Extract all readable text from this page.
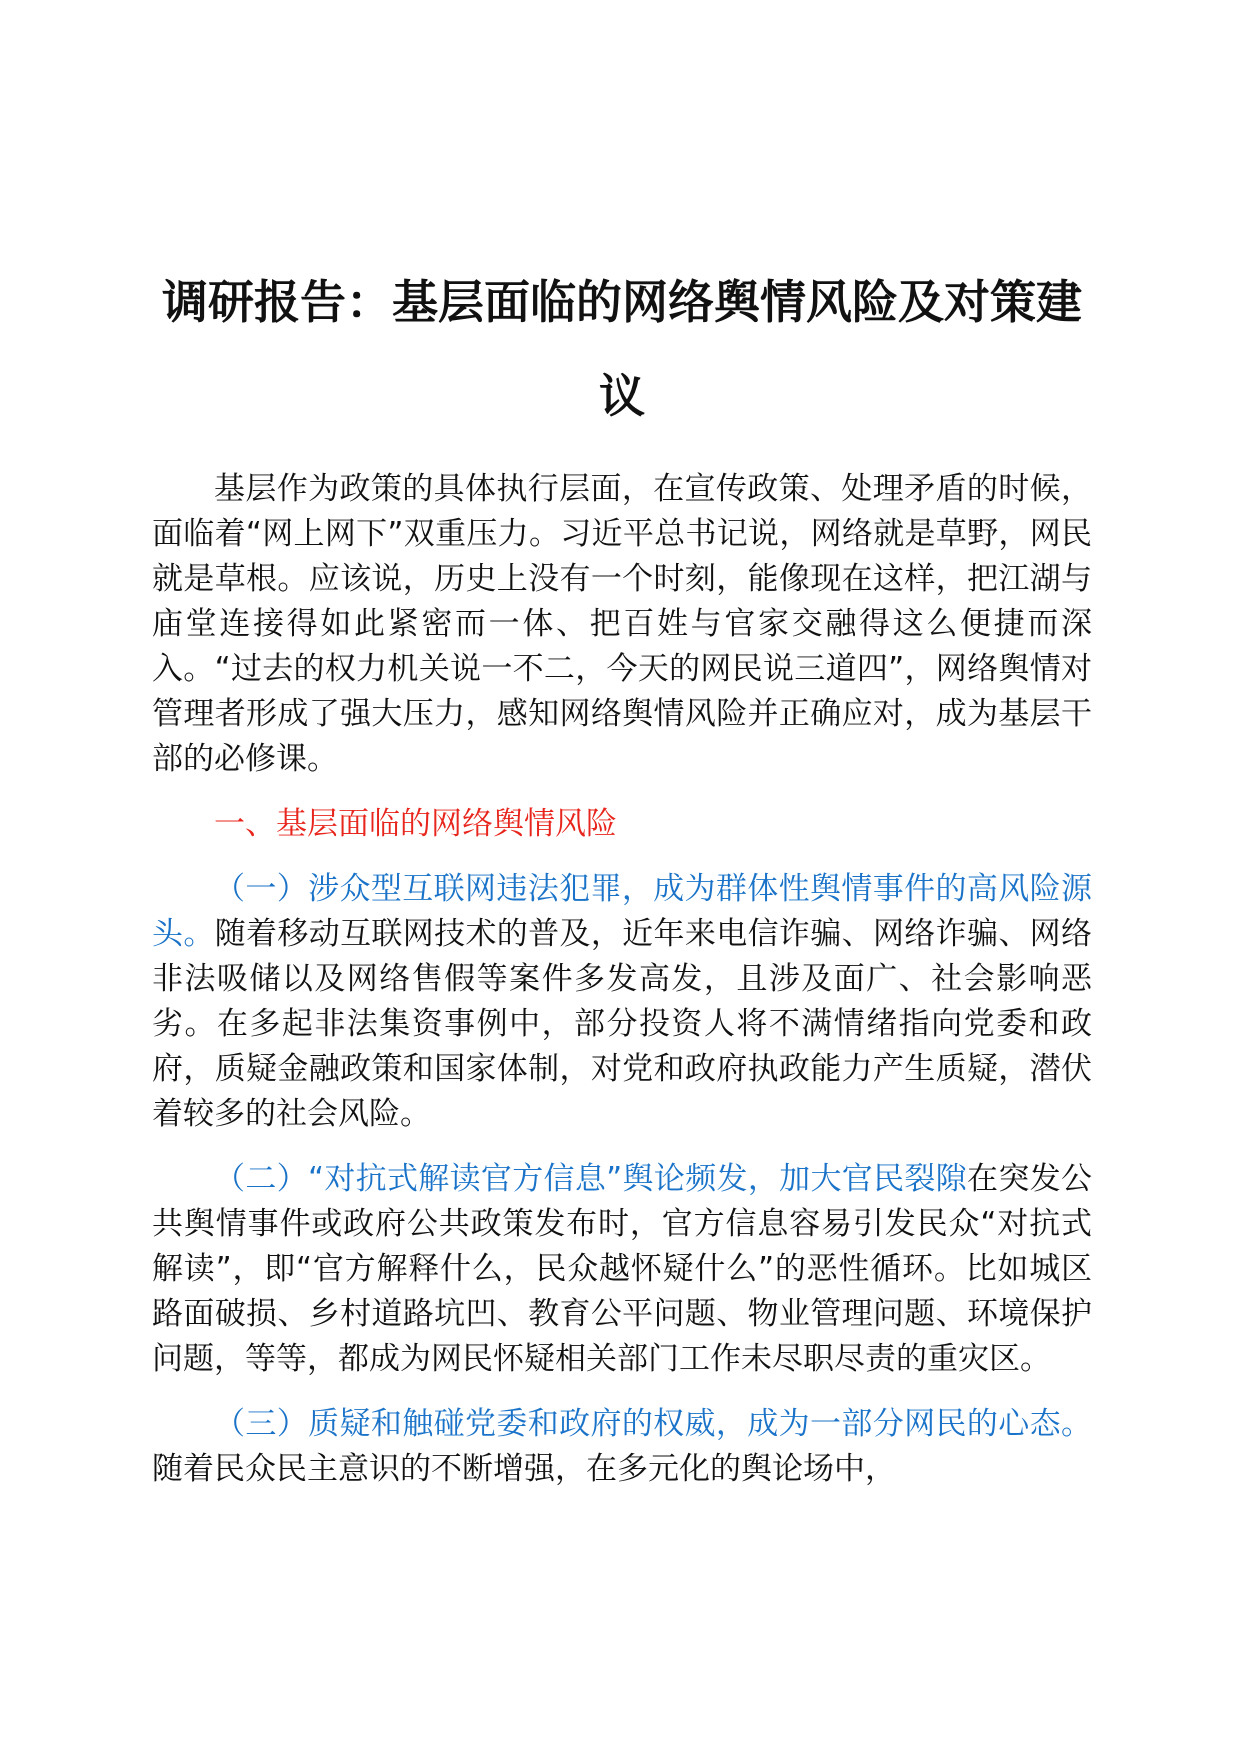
调研报告：基层面临的网络舆情风险及对策建议

基层作为政策的具体执行层面，在宣传政策、处理矛盾的时候，面临着“网上网下”双重压力。习近平总书记说，网络就是草野，网民就是草根。应该说，历史上没有一个时刻，能像现在这样，把江湖与庙堂连接得如此紧密而一体、把百姓与官家交融得这么便捷而深入。“过去的权力机关说一不二，今天的网民说三道四”，网络舆情对管理者形成了强大压力，感知网络舆情风险并正确应对，成为基层干部的必修课。

一、基层面临的网络舆情风险

（一）涉众型互联网违法犯罪，成为群体性舆情事件的高风险源头。随着移动互联网技术的普及，近年来电信诈骗、网络诈骗、网络非法吸储以及网络售假等案件多发高发，且涉及面广、社会影响恶劣。在多起非法集资事例中，部分投资人将不满情绪指向党委和政府，质疑金融政策和国家体制，对党和政府执政能力产生质疑，潜伏着较多的社会风险。

（二）“对抗式解读官方信息”舆论频发，加大官民裂隙在突发公共舆情事件或政府公共政策发布时，官方信息容易引发民众“对抗式解读”，即“官方解释什么，民众越怀疑什么”的恶性循环。比如城区路面破损、乡村道路坑凹、教育公平问题、物业管理问题、环境保护问题，等等，都成为网民怀疑相关部门工作未尽职尽责的重灾区。

（三）质疑和触碰党委和政府的权威，成为一部分网民的心态。随着民众民主意识的不断增强，在多元化的舆论场中，
